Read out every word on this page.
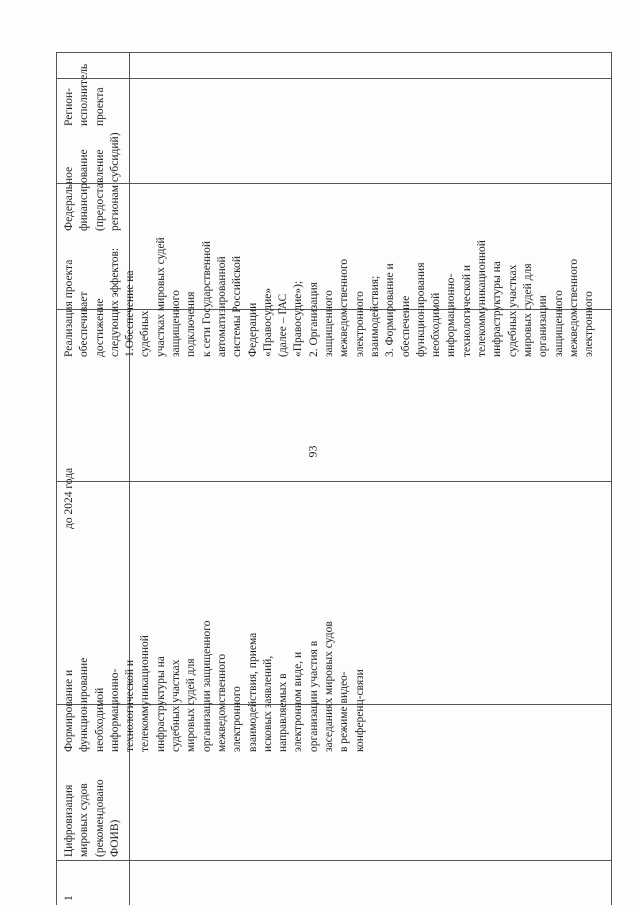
93
1
Цифровизация
мировых судов
(рекомендовано
ФОИВ)
Формирование и
функционирование
необходимой
информационно-
технологической и
телекоммуникационной
инфраструктуры на
судебных участках
мировых судей для
организации защищенного
межведомственного
электронного
взаимодействия, приема
исковых заявлений,
направляемых в
электронном виде, и
организации участия в
заседаниях мировых судов
в режиме видео-
конференц-связи
до 2024 года
Реализация проекта
обеспечивает достижение
следующих эффектов:
1.Обеспечение на судебных
участках мировых судей
защищенного подключения
к сети Государственной
автоматизированной
системы Российской
Федерации «Правосудие»
(далее – ГАС
«Правосудие»);
2. Организация
защищенного
межведомственного
электронного
взаимодействия;
3. Формирование и
обеспечение
функционирования
необходимой
информационно-
технологической и
телекоммуникационной
инфраструктуры на
судебных участках
мировых судей для
организации защищенного
межведомственного
электронного
Федеральное
финансирование
(предоставление
регионам субсидий)
Регион-исполнитель
проекта
